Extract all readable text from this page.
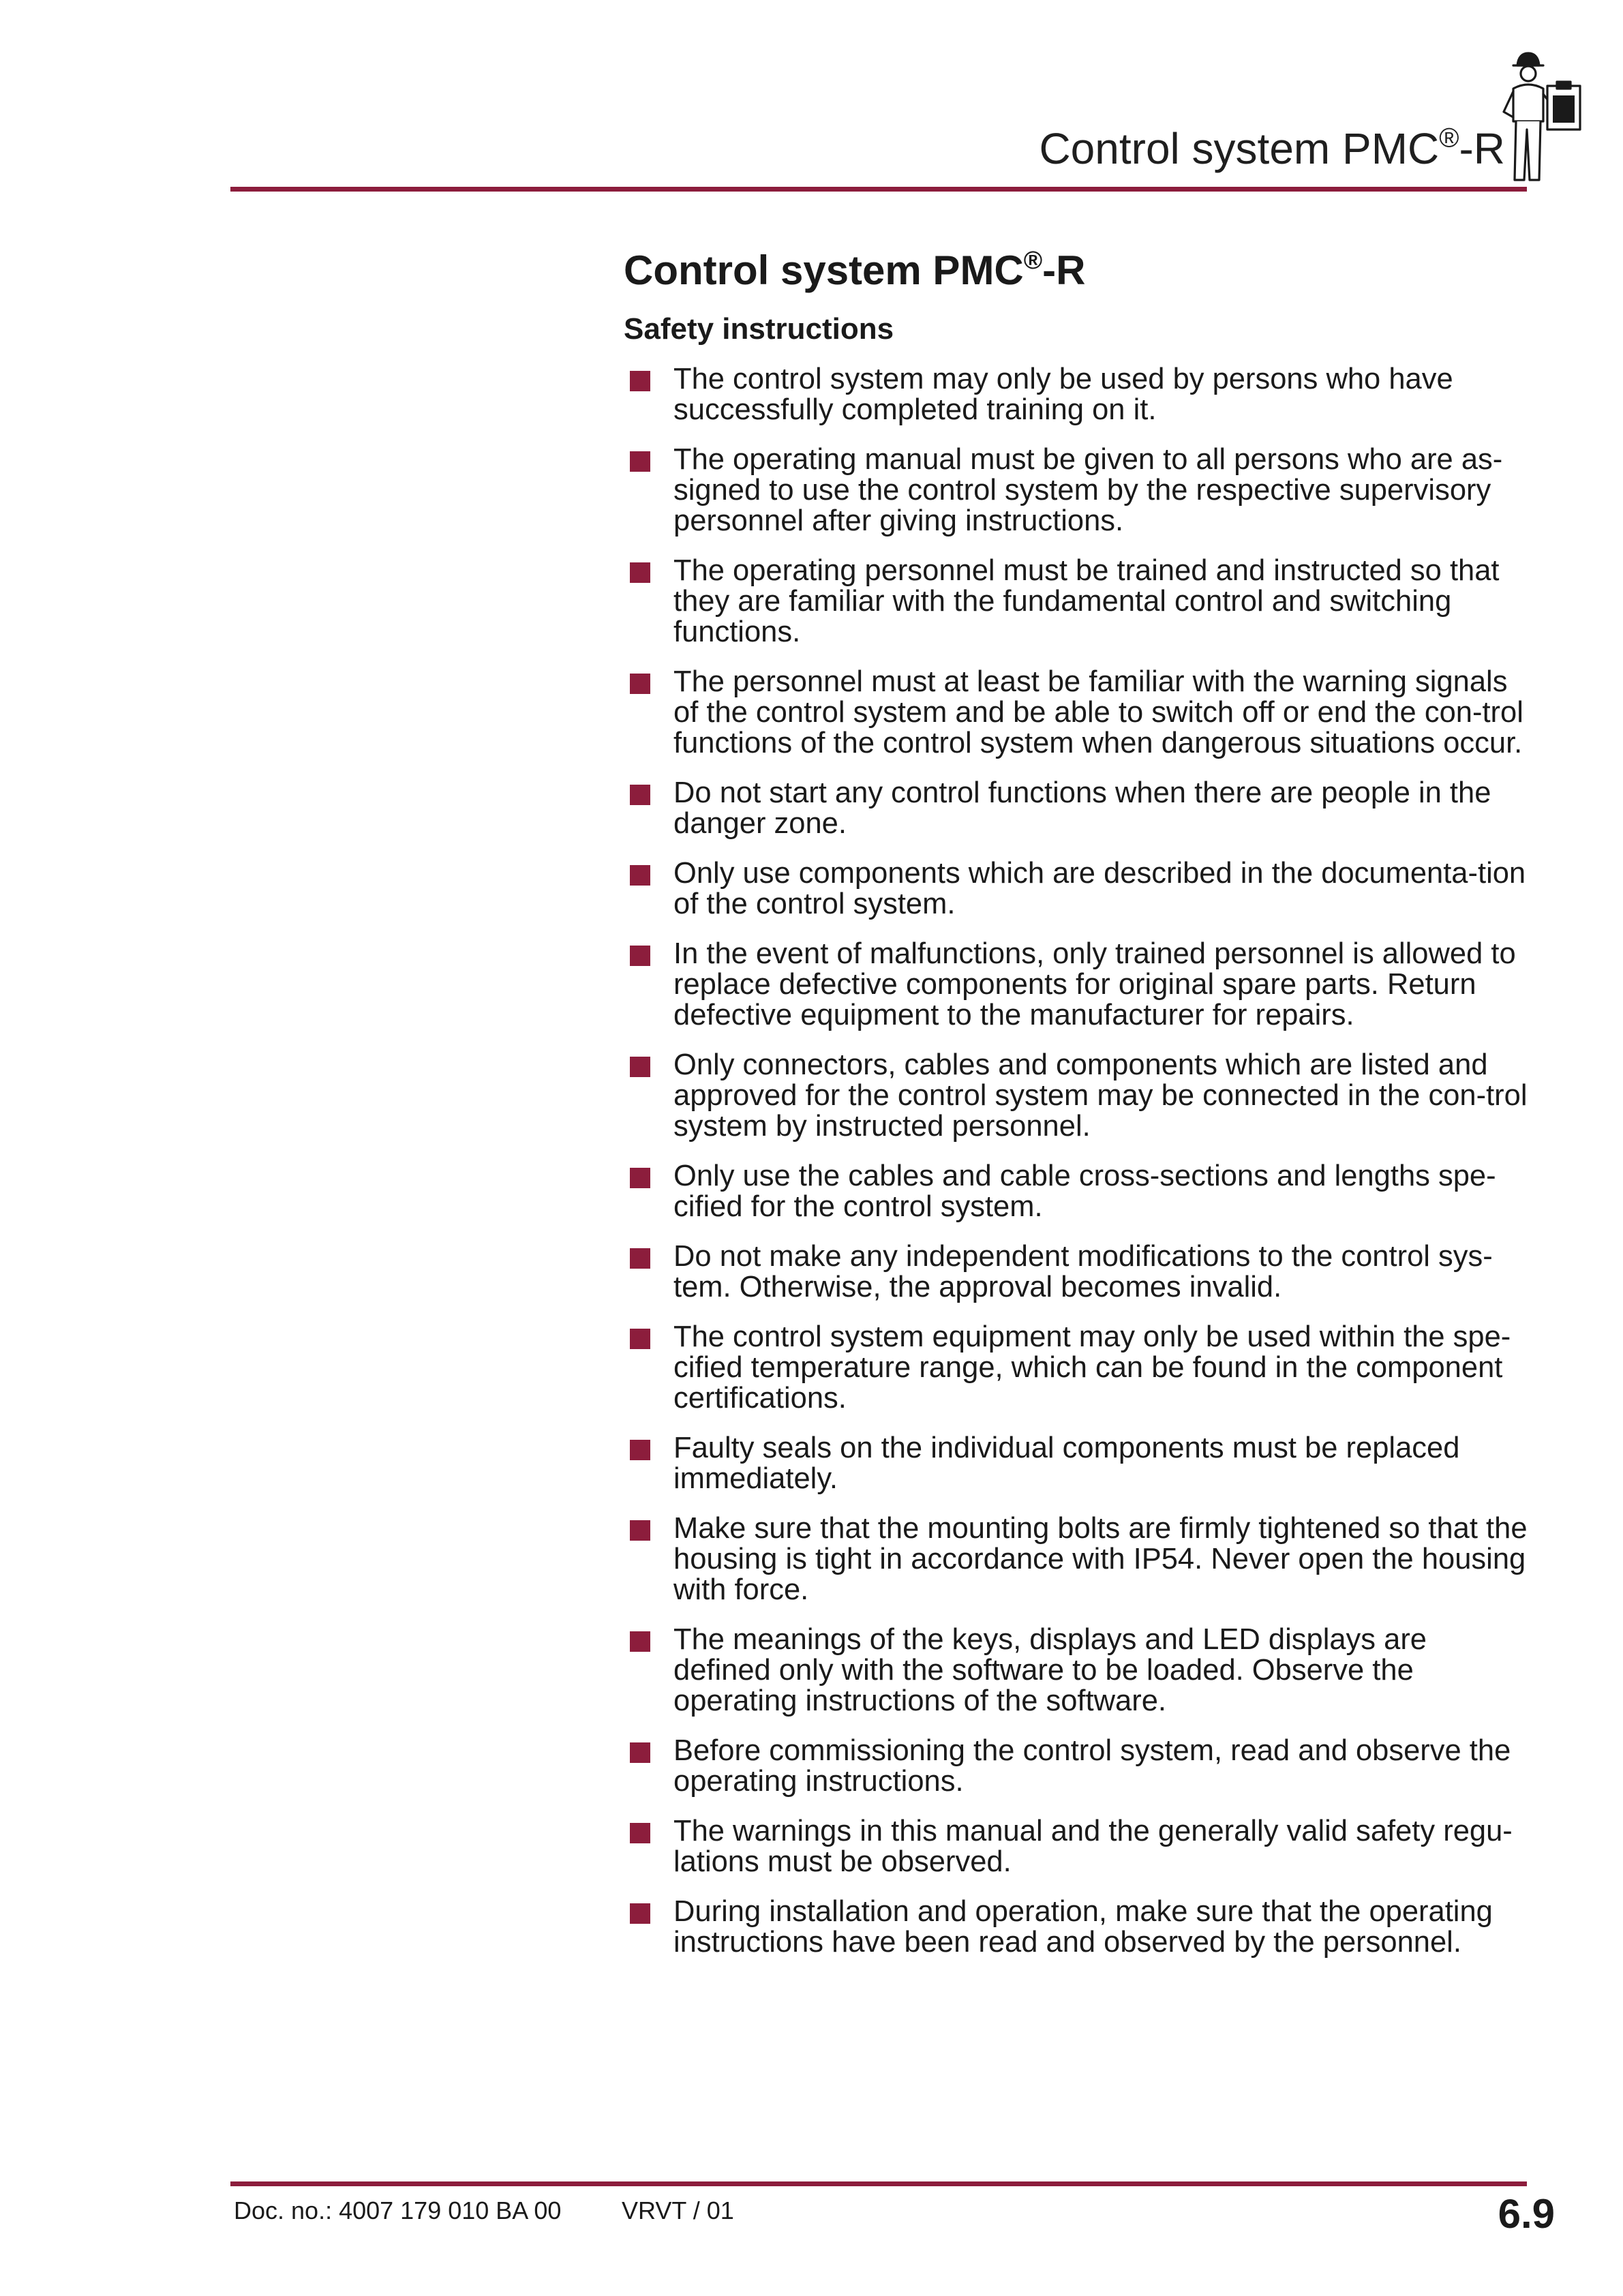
Control system PMC®-R
Control system PMC®-R
Safety instructions
The control system may only be used by persons who have successfully completed training on it.
The operating manual must be given to all persons who are as-signed to use the control system by the respective supervisory personnel after giving instructions.
The operating personnel must be trained and instructed so that they are familiar with the fundamental control and switching functions.
The personnel must at least be familiar with the warning signals of the control system and be able to switch off or end the con-trol functions of the control system when dangerous situations occur.
Do not start any control functions when there are people in the danger zone.
Only use components which are described in the documenta-tion of the control system.
In the event of malfunctions, only trained personnel is allowed to replace defective components for original spare parts. Return defective equipment to the manufacturer for repairs.
Only connectors, cables and components which are listed and approved for the control system may be connected in the con-trol system by instructed personnel.
Only use the cables and cable cross-sections and lengths spe-cified for the control system.
Do not make any independent modifications to the control sys-tem. Otherwise, the approval becomes invalid.
The control system equipment may only be used within the spe-cified temperature range, which can be found in the component certifications.
Faulty seals on the individual components must be replaced immediately.
Make sure that the mounting bolts are firmly tightened so that the housing is tight in accordance with IP54. Never open the housing with force.
The meanings of the keys, displays and LED displays are defined only with the software to be loaded. Observe the operating instructions of the software.
Before commissioning the control system, read and observe the operating instructions.
The warnings in this manual and the generally valid safety regu-lations must be observed.
During installation and operation, make sure that the operating instructions have been read and observed by the personnel.
Doc. no.: 4007 179 010 BA 00 VRVT / 01	6.9
